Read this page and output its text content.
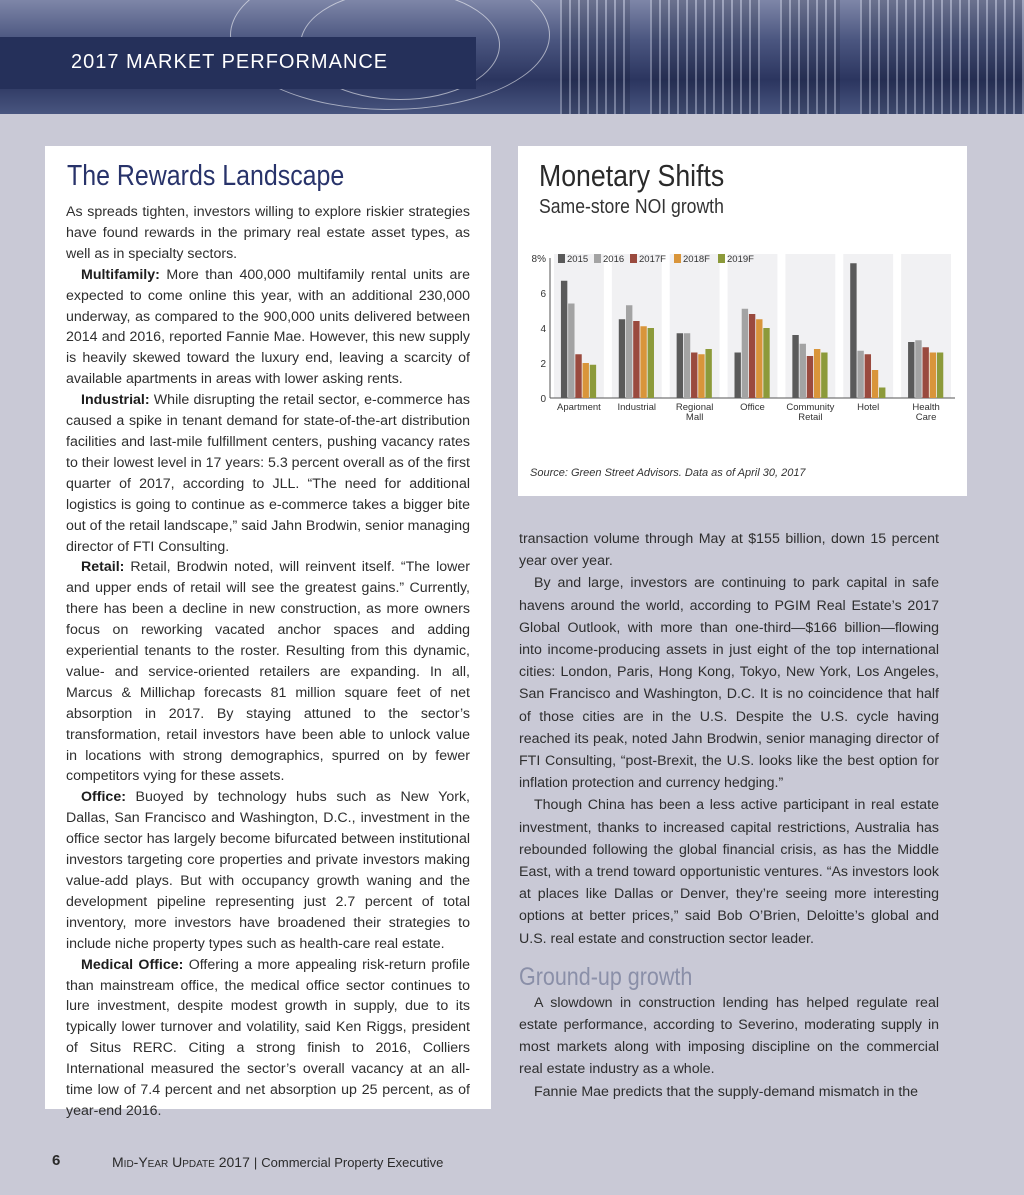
2017 MARKET PERFORMANCE
The Rewards Landscape

As spreads tighten, investors willing to explore riskier strategies have found rewards in the primary real estate asset types, as well as in specialty sectors.

Multifamily: More than 400,000 multifamily rental units are expected to come online this year, with an additional 230,000 underway, as compared to the 900,000 units delivered between 2014 and 2016, reported Fannie Mae. However, this new supply is heavily skewed toward the luxury end, leaving a scarcity of available apartments in areas with lower asking rents.

Industrial: While disrupting the retail sector, e-commerce has caused a spike in tenant demand for state-of-the-art distribution facilities and last-mile fulfillment centers, pushing vacancy rates to their lowest level in 17 years: 5.3 percent overall as of the first quarter of 2017, according to JLL. “The need for additional logistics is going to continue as e-commerce takes a bigger bite out of the retail landscape,” said Jahn Brodwin, senior managing director of FTI Consulting.

Retail: Retail, Brodwin noted, will reinvent itself. “The lower and upper ends of retail will see the greatest gains.” Currently, there has been a decline in new construction, as more owners focus on reworking vacated anchor spaces and adding experiential tenants to the roster. Resulting from this dynamic, value- and service-oriented retailers are expanding. In all, Marcus & Millichap forecasts 81 million square feet of net absorption in 2017. By staying attuned to the sector’s transformation, retail investors have been able to unlock value in locations with strong demographics, spurred on by fewer competitors vying for these assets.

Office: Buoyed by technology hubs such as New York, Dallas, San Francisco and Washington, D.C., investment in the office sector has largely become bifurcated between institutional investors targeting core properties and private investors making value-add plays. But with occupancy growth waning and the development pipeline representing just 2.7 percent of total inventory, more investors have broadened their strategies to include niche property types such as health-care real estate.

Medical Office: Offering a more appealing risk-return profile than mainstream office, the medical office sector continues to lure investment, despite modest growth in supply, due to its typically lower turnover and volatility, said Ken Riggs, president of Situs RERC. Citing a strong finish to 2016, Colliers International measured the sector’s overall vacancy at an all-time low of 7.4 percent and net absorption up 25 percent, as of year-end 2016.

Monetary Shifts
Same-store NOI growth
0
2
4
6
8%
Apartment Industrial Regional
Mall
Office Community
Retail
Hotel	Health
Care
2015 2016 2017F 2018F 2019F
Source: Green Street Advisors. Data as of April 30, 2017

transaction volume through May at $155 billion, down 15 percent year over year.

By and large, investors are continuing to park capital in safe havens around the world, according to PGIM Real Estate’s 2017 Global Outlook, with more than one-third—$166 billion—flowing into income-producing assets in just eight of the top international cities: London, Paris, Hong Kong, Tokyo, New York, Los Angeles, San Francisco and Washington, D.C. It is no coincidence that half of those cities are in the U.S. Despite the U.S. cycle having reached its peak, noted Jahn Brodwin, senior managing director of FTI Consulting, “post-Brexit, the U.S. looks like the best option for inflation protection and currency hedging.”

Though China has been a less active participant in real estate investment, thanks to increased capital restrictions, Australia has rebounded following the global financial crisis, as has the Middle East, with a trend toward opportunistic ventures. “As investors look at places like Dallas or Denver, they’re seeing more interesting options at better prices,” said Bob O’Brien, Deloitte’s global and U.S. real estate and construction sector leader.

Ground-up growth

A slowdown in construction lending has helped regulate real estate performance, according to Severino, moderating supply in most markets along with imposing discipline on the commercial real estate industry as a whole.

Fannie Mae predicts that the supply-demand mismatch in the

6	Mid-Year Update 2017 | Commercial Property Executive
